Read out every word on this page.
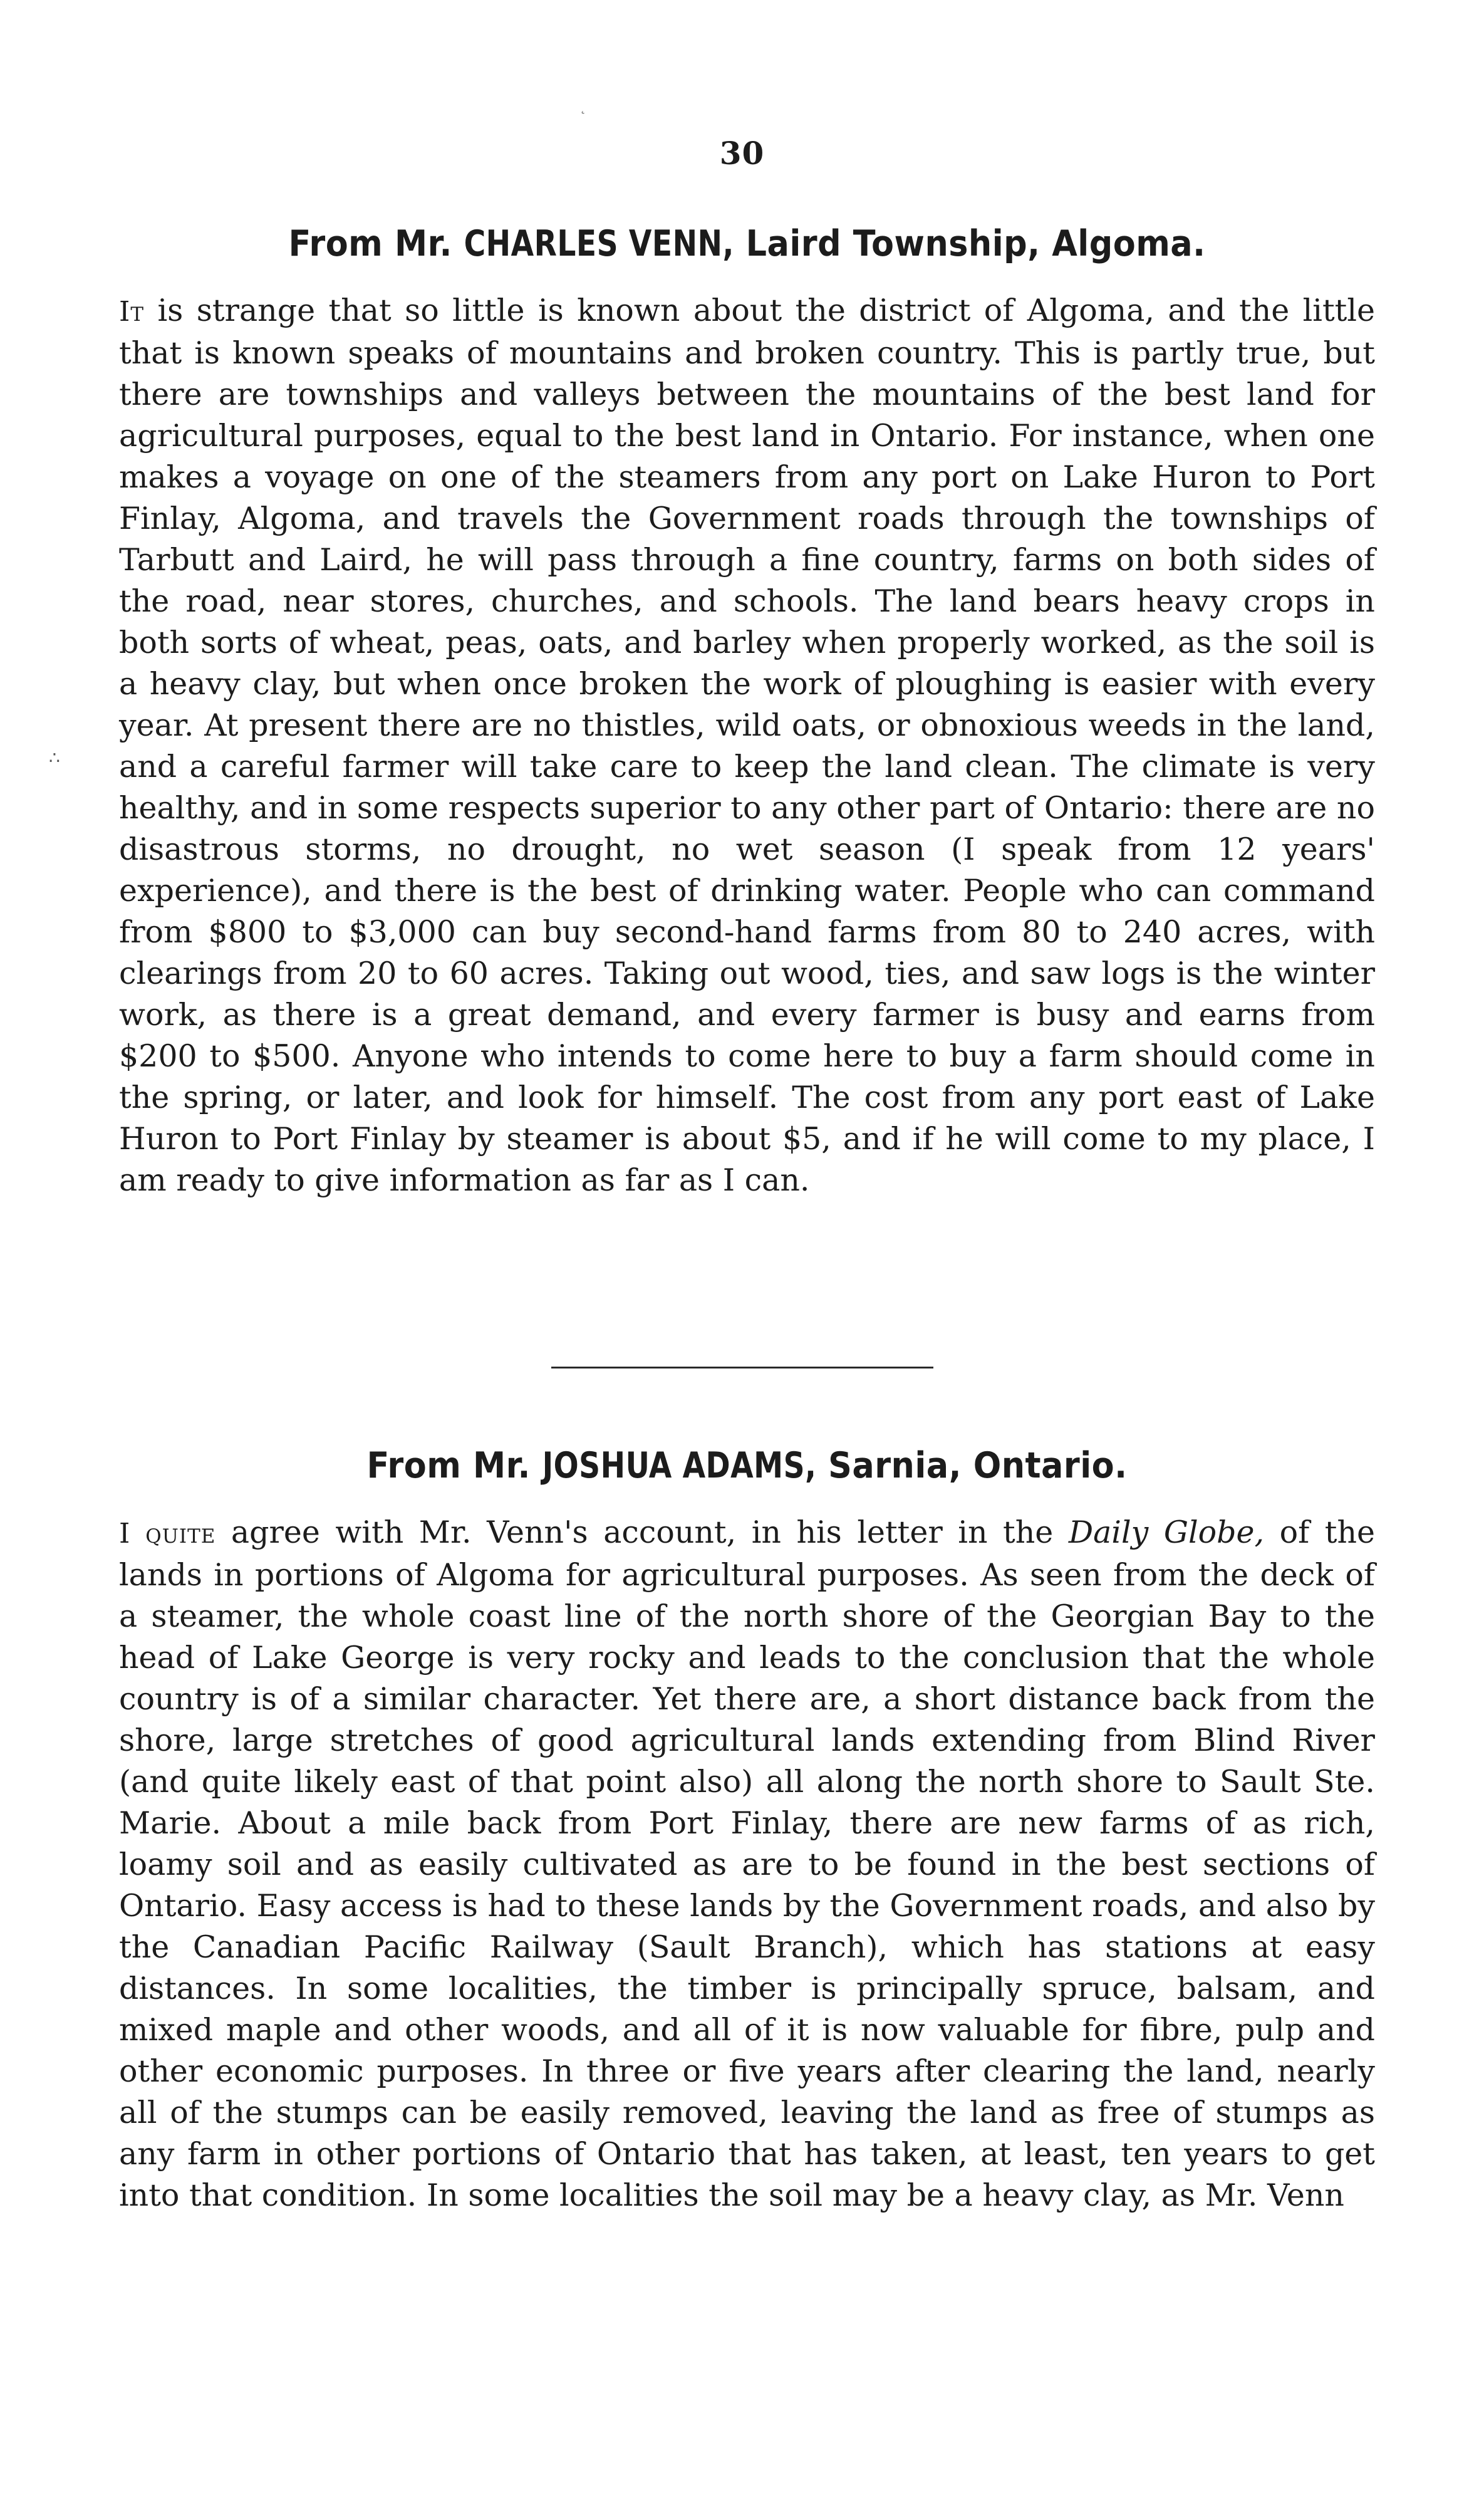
˛
30
∴
From Mr. CHARLES VENN, Laird Township, Algoma.

It is strange that so little is known about the district of Algoma, and the little that is known speaks of mountains and broken country. This is partly true, but there are townships and valleys between the mountains of the best land for agricultural purposes, equal to the best land in Ontario. For instance, when one makes a voyage on one of the steamers from any port on Lake Huron to Port Finlay, Algoma, and travels the Government roads through the townships of Tarbutt and Laird, he will pass through a fine country, farms on both sides of the road, near stores, churches, and schools. The land bears heavy crops in both sorts of wheat, peas, oats, and barley when properly worked, as the soil is a heavy clay, but when once broken the work of ploughing is easier with every year. At present there are no thistles, wild oats, or obnoxious weeds in the land, and a careful farmer will take care to keep the land clean. The climate is very healthy, and in some respects superior to any other part of Ontario: there are no disastrous storms, no drought, no wet season (I speak from 12 years' experience), and there is the best of drinking water. People who can command from $800 to $3,000 can buy second-hand farms from 80 to 240 acres, with clearings from 20 to 60 acres. Taking out wood, ties, and saw logs is the winter work, as there is a great demand, and every farmer is busy and earns from $200 to $500. Anyone who intends to come here to buy a farm should come in the spring, or later, and look for himself. The cost from any port east of Lake Huron to Port Finlay by steamer is about $5, and if he will come to my place, I am ready to give information as far as I can.

From Mr. JOSHUA ADAMS, Sarnia, Ontario.

I quite agree with Mr. Venn's account, in his letter in the Daily Globe, of the lands in portions of Algoma for agricultural purposes. As seen from the deck of a steamer, the whole coast line of the north shore of the Georgian Bay to the head of Lake George is very rocky and leads to the conclusion that the whole country is of a similar character. Yet there are, a short distance back from the shore, large stretches of good agricultural lands extending from Blind River (and quite likely east of that point also) all along the north shore to Sault Ste. Marie. About a mile back from Port Finlay, there are new farms of as rich, loamy soil and as easily cultivated as are to be found in the best sections of Ontario. Easy access is had to these lands by the Government roads, and also by the Canadian Pacific Railway (Sault Branch), which has stations at easy distances. In some localities, the timber is principally spruce, balsam, and mixed maple and other woods, and all of it is now valuable for fibre, pulp and other economic purposes. In three or five years after clearing the land, nearly all of the stumps can be easily removed, leaving the land as free of stumps as any farm in other portions of Ontario that has taken, at least, ten years to get into that condition. In some localities the soil may be a heavy clay, as Mr. Venn
